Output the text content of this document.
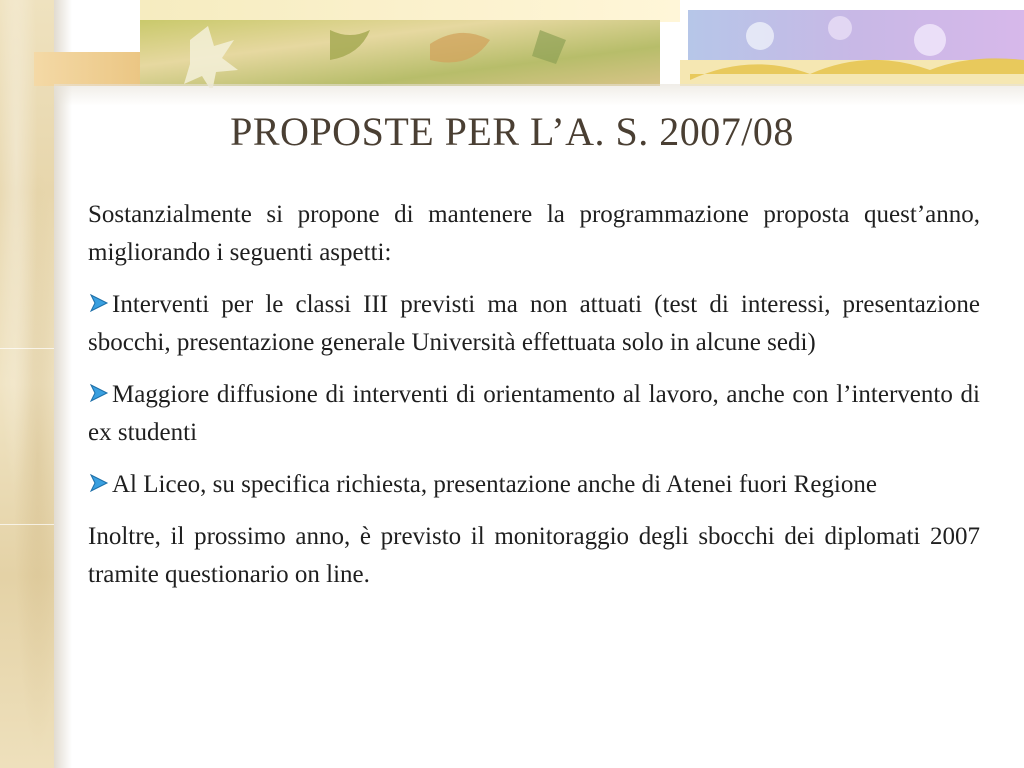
PROPOSTE PER L’A. S. 2007/08

Sostanzialmente si propone di mantenere la programmazione proposta quest’anno, migliorando i seguenti aspetti:

Interventi per le classi III previsti ma non attuati (test di interessi, presentazione sbocchi, presentazione generale Università effettuata solo in alcune sedi)

Maggiore diffusione di interventi di orientamento al lavoro, anche con l’intervento di ex studenti

Al Liceo, su specifica richiesta, presentazione anche di Atenei fuori Regione

Inoltre, il prossimo anno, è previsto il monitoraggio degli sbocchi dei diplomati 2007 tramite questionario on line.
